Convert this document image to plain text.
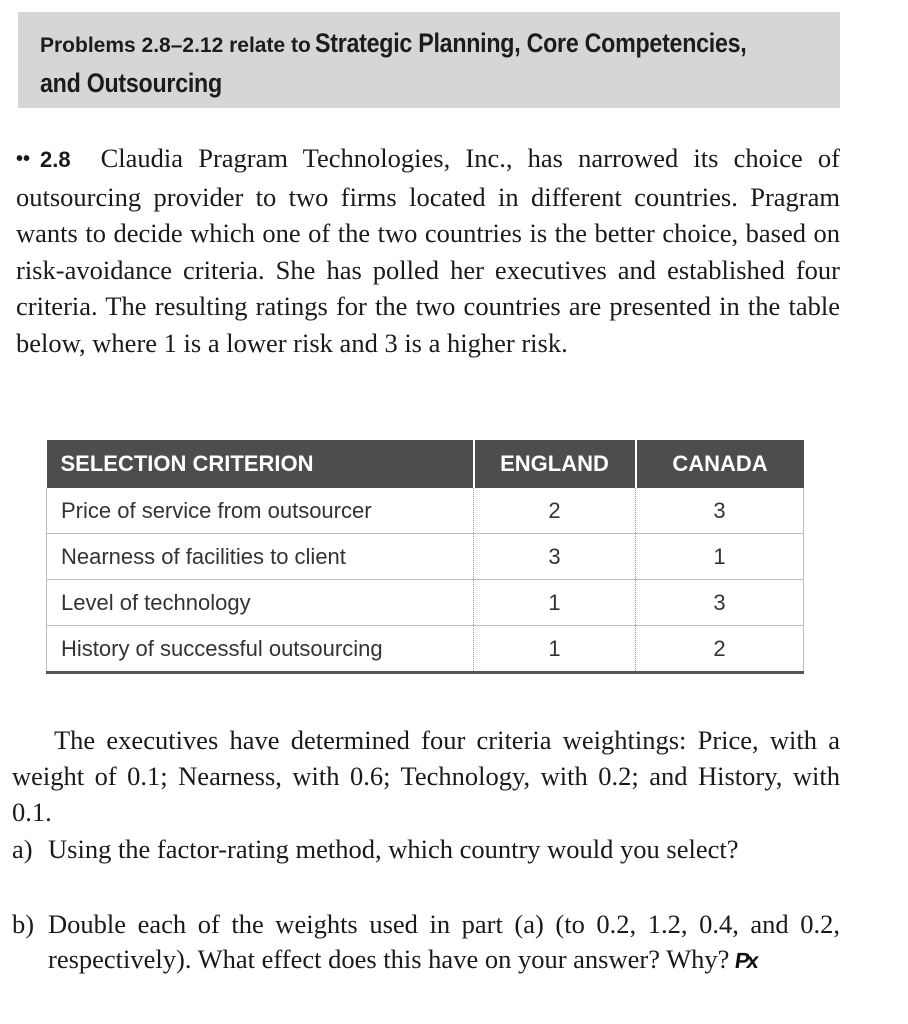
Problems 2.8–2.12 relate to Strategic Planning, Core Competencies,
and Outsourcing
•• 2.8 Claudia Pragram Technologies, Inc., has narrowed its choice of outsourcing provider to two firms located in different countries. Pragram wants to decide which one of the two countries is the better choice, based on risk-avoidance criteria. She has polled her executives and established four criteria. The resulting ratings for the two countries are presented in the table below, where 1 is a lower risk and 3 is a higher risk.
SELECTION CRITERION	ENGLAND	CANADA
Price of service from outsourcer	2	3
Nearness of facilities to client	3	1
Level of technology	1	3
History of successful outsourcing	1	2
The executives have determined four criteria weightings: Price, with a weight of 0.1; Nearness, with 0.6; Technology, with 0.2; and History, with 0.1.
a) Using the factor-rating method, which country would you select?
b) Double each of the weights used in part (a) (to 0.2, 1.2, 0.4, and 0.2, respectively). What effect does this have on your answer? Why? Px
